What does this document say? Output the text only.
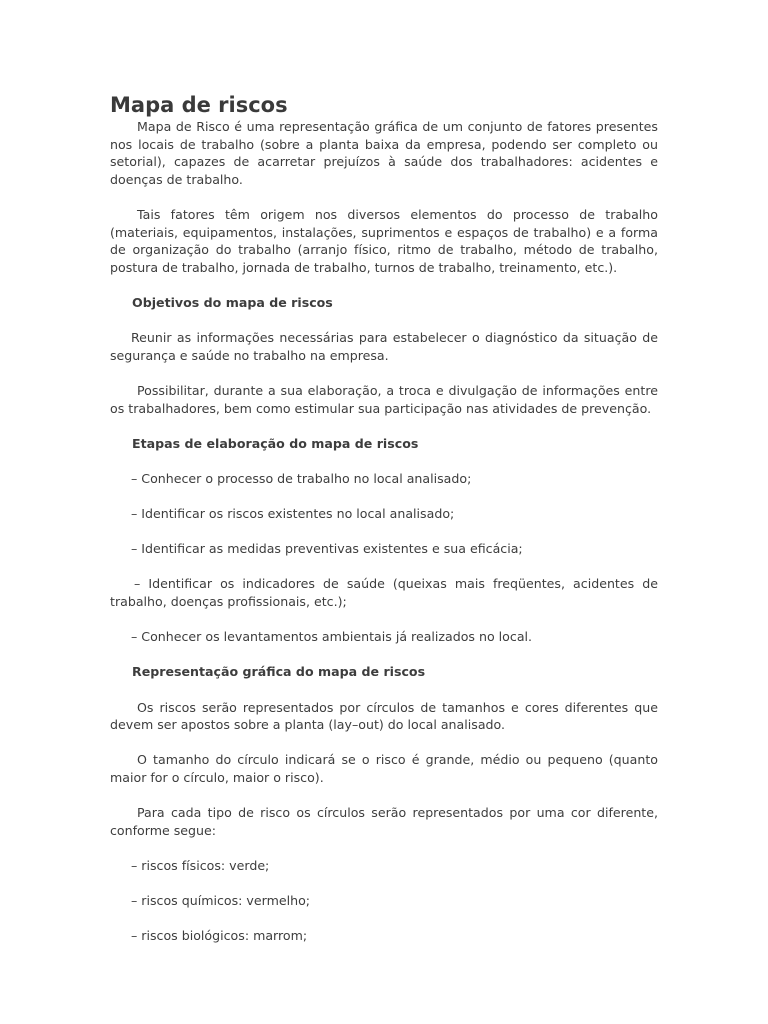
Mapa de riscos

Mapa de Risco é uma representação gráfica de um conjunto de fatores presentes nos locais de trabalho (sobre a planta baixa da empresa, podendo ser completo ou setorial), capazes de acarretar prejuízos à saúde dos trabalhadores: acidentes e doenças de trabalho.

Tais fatores têm origem nos diversos elementos do processo de trabalho (materiais, equipamentos, instalações, suprimentos e espaços de trabalho) e a forma de organização do trabalho (arranjo físico, ritmo de trabalho, método de trabalho, postura de trabalho, jornada de trabalho, turnos de trabalho, treinamento, etc.).

Objetivos do mapa de riscos

Reunir as informações necessárias para estabelecer o diagnóstico da situação de segurança e saúde no trabalho na empresa.

Possibilitar, durante a sua elaboração, a troca e divulgação de informações entre os trabalhadores, bem como estimular sua participação nas atividades de prevenção.

Etapas de elaboração do mapa de riscos

– Conhecer o processo de trabalho no local analisado;

– Identificar os riscos existentes no local analisado;

– Identificar as medidas preventivas existentes e sua eficácia;

– Identificar os indicadores de saúde (queixas mais freqüentes, acidentes de trabalho, doenças profissionais, etc.);

– Conhecer os levantamentos ambientais já realizados no local.

Representação gráfica do mapa de riscos

Os riscos serão representados por círculos de tamanhos e cores diferentes que devem ser apostos sobre a planta (lay–out) do local analisado.

O tamanho do círculo indicará se o risco é grande, médio ou pequeno (quanto maior for o círculo, maior o risco).

Para cada tipo de risco os círculos serão representados por uma cor diferente, conforme segue:

– riscos físicos: verde;

– riscos químicos: vermelho;

– riscos biológicos: marrom;
